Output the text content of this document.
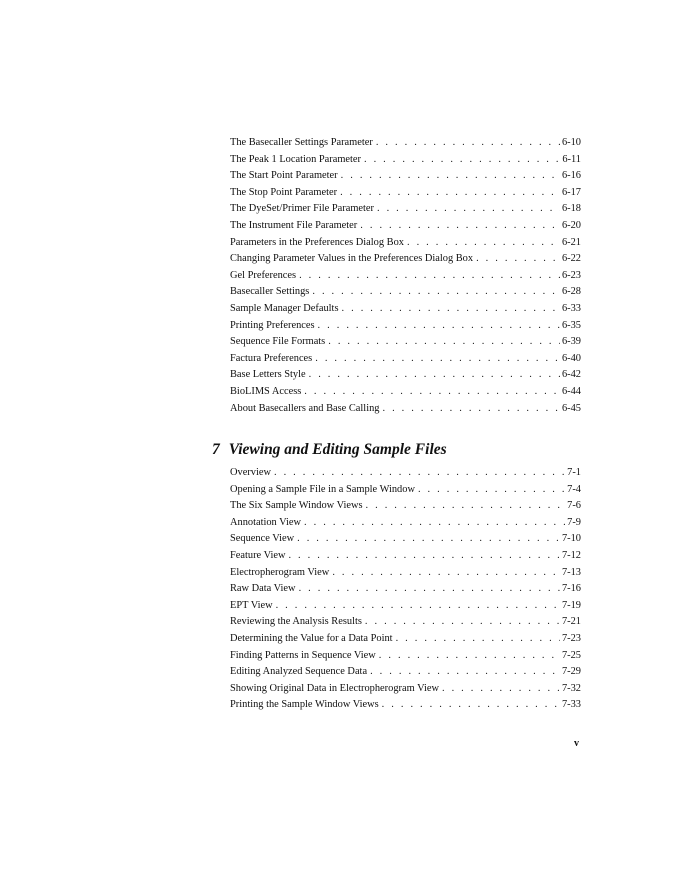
The Basecaller Settings Parameter . . .	6-10
The Peak 1 Location Parameter . . .	6-11
The Start Point Parameter . . .	6-16
The Stop Point Parameter . . .	6-17
The DyeSet/Primer File Parameter . . .	6-18
The Instrument File Parameter . . .	6-20
Parameters in the Preferences Dialog Box . . .	6-21
Changing Parameter Values in the Preferences Dialog Box . . .	6-22
Gel Preferences . . .	6-23
Basecaller Settings . . .	6-28
Sample Manager Defaults . . .	6-33
Printing Preferences . . .	6-35
Sequence File Formats . . .	6-39
Factura Preferences . . .	6-40
Base Letters Style . . .	6-42
BioLIMS Access . . .	6-44
About Basecallers and Base Calling . . .	6-45
7 Viewing and Editing Sample Files
Overview . . .	7-1
Opening a Sample File in a Sample Window . . .	7-4
The Six Sample Window Views . . .	7-6
Annotation View . . .	7-9
Sequence View . . .	7-10
Feature View . . .	7-12
Electropherogram View . . .	7-13
Raw Data View . . .	7-16
EPT View . . .	7-19
Reviewing the Analysis Results . . .	7-21
Determining the Value for a Data Point . . .	7-23
Finding Patterns in Sequence View . . .	7-25
Editing Analyzed Sequence Data . . .	7-29
Showing Original Data in Electropherogram View . . .	7-32
Printing the Sample Window Views . . .	7-33
v
